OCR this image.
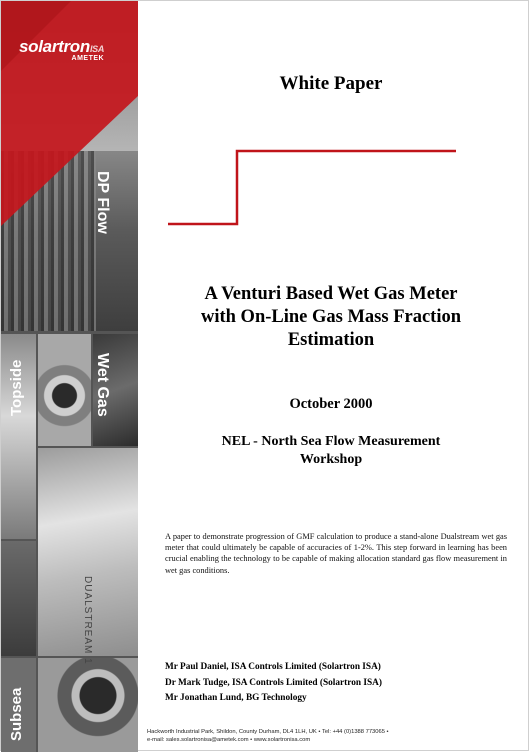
DP Flow
Wet Gas
Topside
DUALSTREAM 1
Subsea
solartronISA
AMETEK
White Paper
A Venturi Based Wet Gas Meter
with On-Line Gas Mass Fraction
Estimation
October 2000
NEL - North Sea Flow Measurement
Workshop
A paper to demonstrate progression of GMF calculation to produce a stand-alone Dualstream wet gas meter that could ultimately be capable of accuracies of 1-2%. This step forward in learning has been crucial enabling the technology to be capable of making allocation standard gas flow measurement in wet gas conditions.
Mr Paul Daniel, ISA Controls Limited (Solartron ISA)
Dr Mark Tudge, ISA Controls Limited (Solartron ISA)
Mr Jonathan Lund, BG Technology
Hackworth Industrial Park, Shildon, County Durham, DL4 1LH, UK • Tel: +44 (0)1388 773065 •
e-mail: sales.solartronisa@ametek.com • www.solartronisa.com
